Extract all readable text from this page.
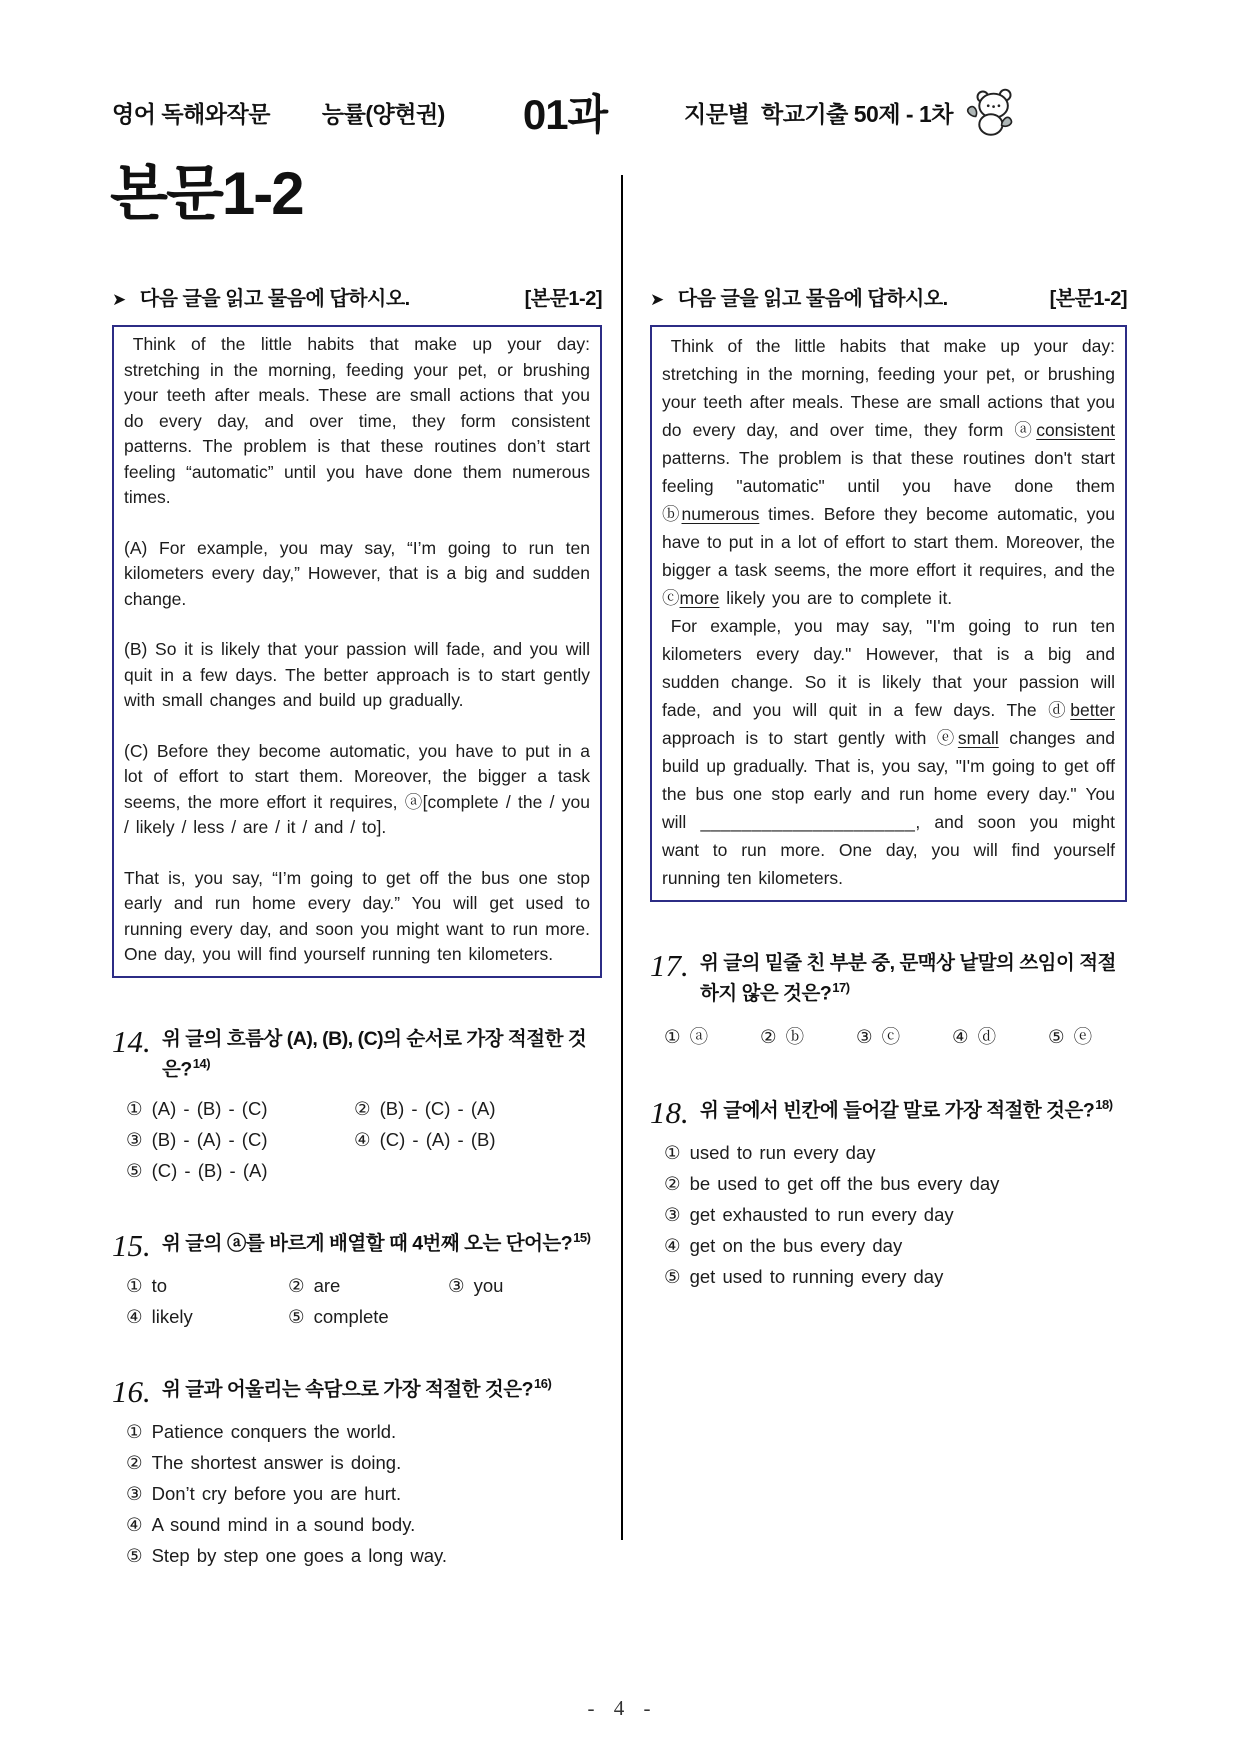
영어 독해와작문 능률(양현권) 01과	지문별  학교기출 50제 - 1차
본문1-2
➤ 다음 글을 읽고 물음에 답하시오.	[본문1-2]

 Think of the little habits that make up your day: stretching in the morning, feeding your pet, or brushing your teeth after meals. These are small actions that you do every day, and over time, they form consistent patterns. The problem is that these routines don’t start feeling “automatic” until you have done them numerous times.

(A) For example, you may say, “I’m going to run ten kilometers every day,” However, that is a big and sudden change.

(B) So it is likely that your passion will fade, and you will quit in a few days. The better approach is to start gently with small changes and build up gradually.

(C) Before they become automatic, you have to put in a lot of effort to start them. Moreover, the bigger a task seems, the more effort it requires, ⓐ[complete / the / you / likely / less / are / it / and / to].

That is, you say, “I’m going to get off the bus one stop early and run home every day.” You will get used to running every day, and soon you might want to run more. One day, you will find yourself running ten kilometers.

14. 위 글의 흐름상 (A), (B), (C)의 순서로 가장 적절한 것은?$^{14)}$
① (A) - (B) - (C)	② (B) - (C) - (A)
③ (B) - (A) - (C)	④ (C) - (A) - (B)
⑤ (C) - (B) - (A)
15. 위 글의 ⓐ를 바르게 배열할 때 4번째 오는 단어는?$^{15)}$
① to	② are	③ you
④ likely	⑤ complete
16. 위 글과 어울리는 속담으로 가장 적절한 것은?$^{16)}$
① Patience conquers the world.
② The shortest answer is doing.
③ Don’t cry before you are hurt.
④ A sound mind in a sound body.
⑤ Step by step one goes a long way.
➤ 다음 글을 읽고 물음에 답하시오.	[본문1-2]

 Think of the little habits that make up your day: stretching in the morning, feeding your pet, or brushing your teeth after meals. These are small actions that you do every day, and over time, they form ⓐconsistent patterns. The problem is that these routines don't start feeling "automatic" until you have done them ⓑnumerous times. Before they become automatic, you have to put in a lot of effort to start them. Moreover, the bigger a task seems, the more effort it requires, and the ⓒmore likely you are to complete it.

 For example, you may say, "I'm going to run ten kilometers every day." However, that is a big and sudden change. So it is likely that your passion will fade, and you will quit in a few days. The ⓓbetter approach is to start gently with ⓔsmall changes and build up gradually. That is, you say, "I'm going to get off the bus one stop early and run home every day." You will _____________________, and soon you might want to run more. One day, you will find yourself running ten kilometers.

17. 위 글의 밑줄 친 부분 중, 문맥상 낱말의 쓰임이 적절하지 않은 것은?$^{17)}$
① ⓐ	② ⓑ	③ ⓒ	④ ⓓ	⑤ ⓔ
18. 위 글에서 빈칸에 들어갈 말로 가장 적절한 것은?$^{18)}$
① used to run every day
② be used to get off the bus every day
③ get exhausted to run every day
④ get on the bus every day
⑤ get used to running every day
- 4 -
